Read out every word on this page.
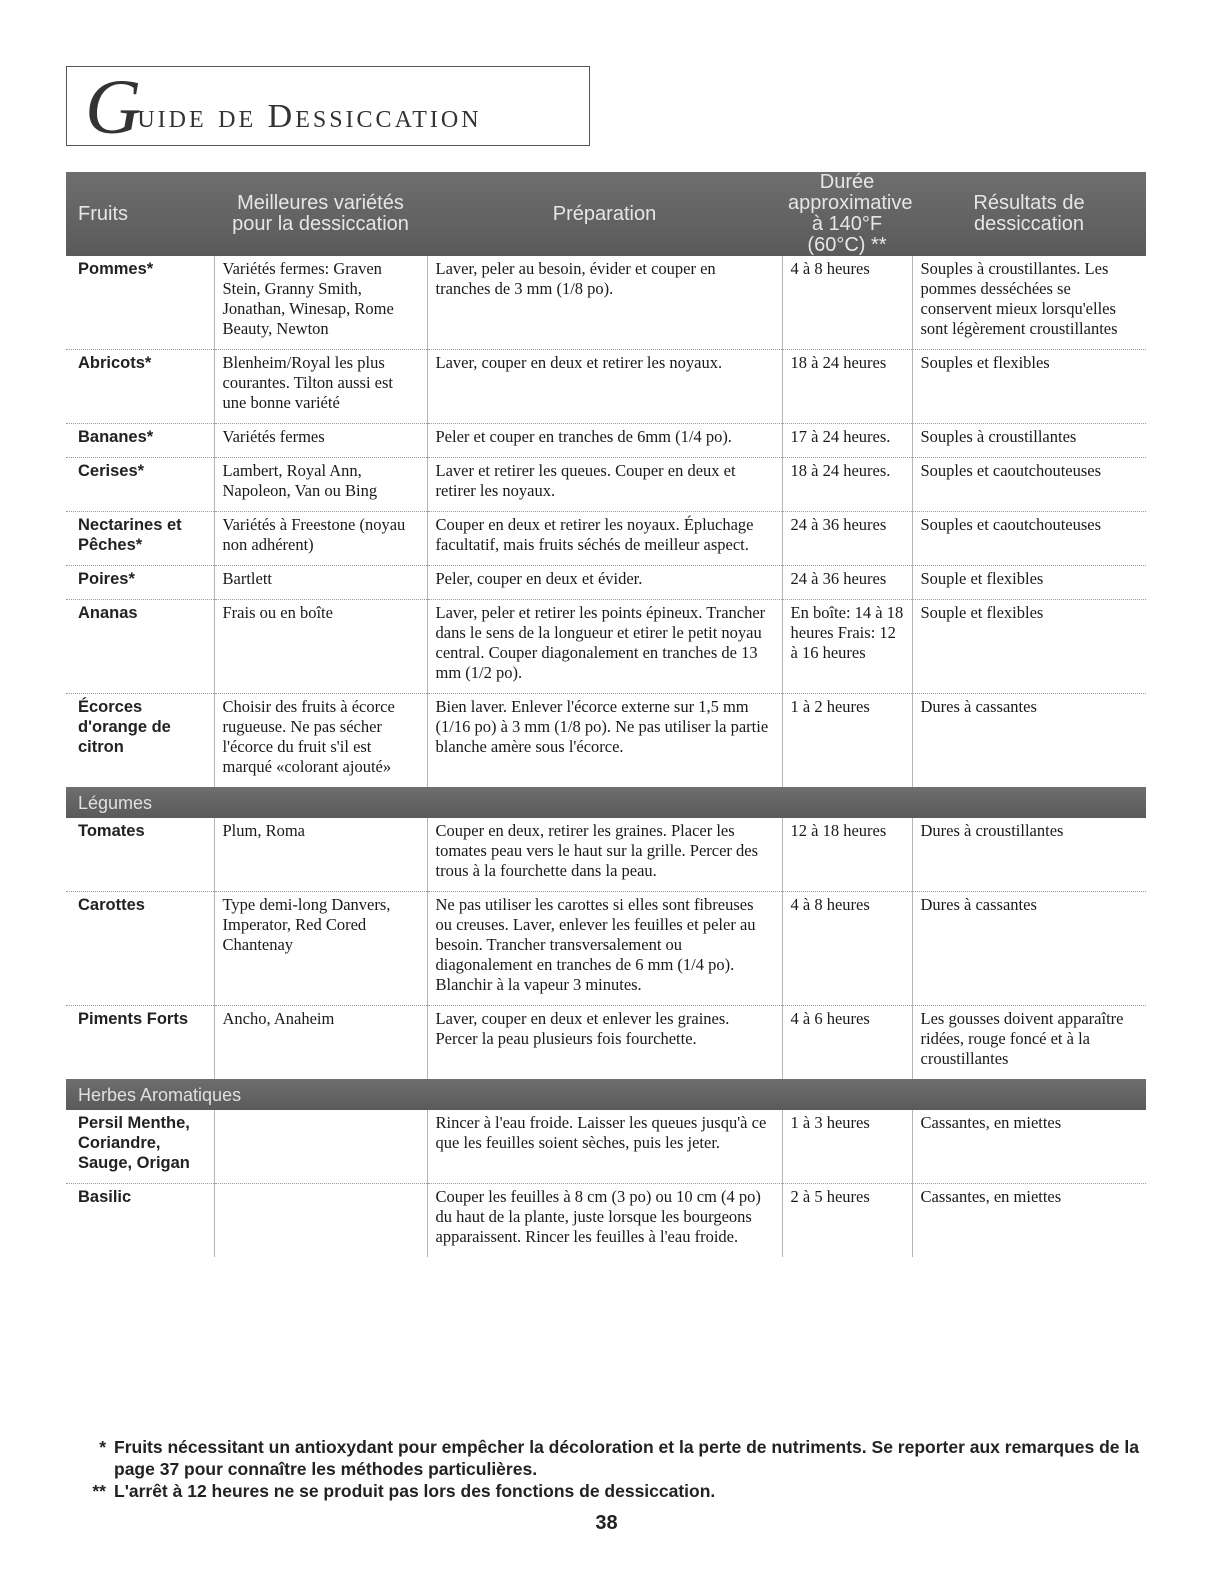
G
uide de Dessiccation
Fruits	Meilleures variétés pour la dessiccation	Préparation	Durée approximative à 140°F (60°C) **	Résultats de dessiccation
Pommes*	Variétés fermes: Graven Stein, Granny Smith, Jonathan, Winesap, Rome Beauty, Newton	Laver, peler au besoin, évider et couper en tranches de 3 mm (1/8 po).	4 à 8 heures	Souples à croustillantes. Les pommes desséchées se conservent mieux lorsqu'elles sont légèrement croustillantes
Abricots*	Blenheim/Royal les plus courantes. Tilton aussi est une bonne variété	Laver, couper en deux et retirer les noyaux.	18 à 24 heures	Souples et flexibles
Bananes*	Variétés fermes	Peler et couper en tranches de 6mm (1/4 po).	17 à 24 heures.	Souples à croustillantes
Cerises*	Lambert, Royal Ann, Napoleon, Van ou Bing	Laver et retirer les queues. Couper en deux et retirer les noyaux.	18 à 24 heures.	Souples et caoutchouteuses
Nectarines et Pêches*	Variétés à Freestone (noyau non adhérent)	Couper en deux et retirer les noyaux. Épluchage facultatif, mais fruits séchés de meilleur aspect.	24 à 36 heures	Souples et caoutchouteuses
Poires*	Bartlett	Peler, couper en deux et évider.	24 à 36 heures	Souple et flexibles
Ananas	Frais ou en boîte	Laver, peler et retirer les points épineux. Trancher dans le sens de la longueur et etirer le petit noyau central. Couper diagonalement en tranches de 13 mm (1/2 po).	En boîte: 14 à 18 heures Frais: 12 à 16 heures	Souple et flexibles
Écorces d'orange de citron	Choisir des fruits à écorce rugueuse. Ne pas sécher l'écorce du fruit s'il est marqué «colorant ajouté»	Bien laver. Enlever l'écorce externe sur 1,5 mm (1/16 po) à 3 mm (1/8 po). Ne pas utiliser la partie blanche amère sous l'écorce.	1 à 2 heures	Dures à cassantes
Légumes				
Tomates	Plum, Roma	Couper en deux, retirer les graines. Placer les tomates peau vers le haut sur la grille. Percer des trous à la fourchette dans la peau.	12 à 18 heures	Dures à croustillantes
Carottes	Type demi-long Danvers, Imperator, Red Cored Chantenay	Ne pas utiliser les carottes si elles sont fibreuses ou creuses. Laver, enlever les feuilles et peler au besoin. Trancher transversalement ou diagonalement en tranches de 6 mm (1/4 po). Blanchir à la vapeur 3 minutes.	4 à 8 heures	Dures à cassantes
Piments Forts	Ancho, Anaheim	Laver, couper en deux et enlever les graines. Percer la peau plusieurs fois fourchette.	4 à 6 heures	Les gousses doivent apparaître ridées, rouge foncé et à la croustillantes
Herbes Aromatiques				
Persil Menthe, Coriandre, Sauge, Origan		Rincer à l'eau froide. Laisser les queues jusqu'à ce que les feuilles soient sèches, puis les jeter.	1 à 3 heures	Cassantes, en miettes
Basilic		Couper les feuilles à 8 cm (3 po) ou 10 cm (4 po) du haut de la plante, juste lorsque les bourgeons apparaissent. Rincer les feuilles à l'eau froide.	2 à 5 heures	Cassantes, en miettes
* Fruits nécessitant un antioxydant pour empêcher la décoloration et la perte de nutriments. Se reporter aux remarques de la page 37 pour connaître les méthodes particulières.
** L'arrêt à 12 heures ne se produit pas lors des fonctions de dessiccation.
38
